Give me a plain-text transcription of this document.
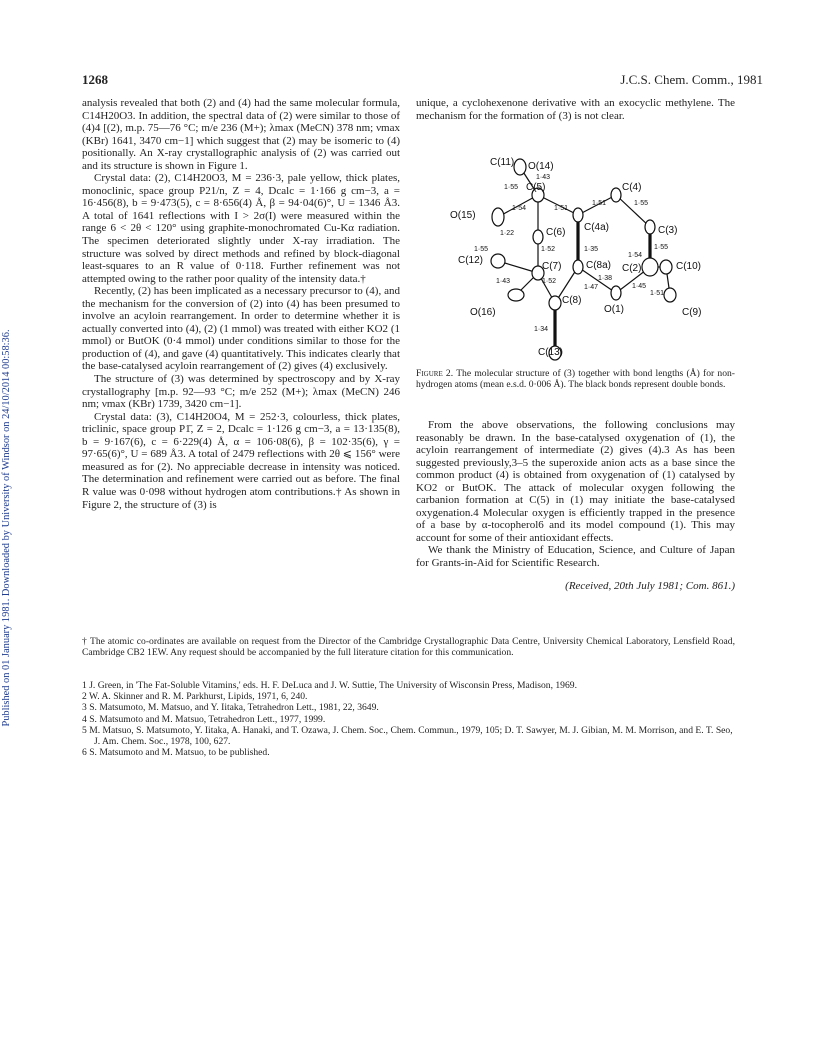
Published on 01 January 1981. Downloaded by University of Windsor on 24/10/2014 00:58:36.
1268	J.C.S. Chem. Comm., 1981

analysis revealed that both (2) and (4) had the same molecular formula, C14H20O3. In addition, the spectral data of (2) were similar to those of (4)4 [(2), m.p. 75—76 °C; m/e 236 (M+); λmax (MeCN) 378 nm; νmax (KBr) 1641, 3470 cm−1] which suggest that (2) may be isomeric to (4) positionally. An X-ray crystallographic analysis of (2) was carried out and its structure is shown in Figure 1.

Crystal data: (2), C14H20O3, M = 236·3, pale yellow, thick plates, monoclinic, space group P21/n, Z = 4, Dcalc = 1·166 g cm−3, a = 16·456(8), b = 9·473(5), c = 8·656(4) Å, β = 94·04(6)°, U = 1346 Å3. A total of 1641 reflections with I > 2σ(I) were measured within the range 6 < 2θ < 120° using graphite-monochromated Cu-Kα radiation. The specimen deteriorated slightly under X-ray irradiation. The structure was solved by direct methods and refined by block-diagonal least-squares to an R value of 0·118. Further refinement was not attempted owing to the rather poor quality of the intensity data.†

Recently, (2) has been implicated as a necessary precursor to (4), and the mechanism for the conversion of (2) into (4) has been presumed to involve an acyloin rearrangement. In order to determine whether it is actually converted into (4), (2) (1 mmol) was treated with either KO2 (1 mmol) or ButOK (0·4 mmol) under conditions similar to those for the production of (4), and gave (4) quantitatively. This indicates clearly that the base-catalysed acyloin rearrangement of (2) gives (4) exclusively.

The structure of (3) was determined by spectroscopy and by X-ray crystallography [m.p. 92—93 °C; m/e 252 (M+); λmax (MeCN) 246 nm; νmax (KBr) 1739, 3420 cm−1].

Crystal data: (3), C14H20O4, M = 252·3, colourless, thick plates, triclinic, space group P1̄, Z = 2, Dcalc = 1·126 g cm−3, a = 13·135(8), b = 9·167(6), c = 6·229(4) Å, α = 106·08(6), β = 102·35(6), γ = 97·65(6)°, U = 689 Å3. A total of 2479 reflections with 2θ ⩽ 156° were measured as for (2). No appreciable decrease in intensity was noticed. The determination and refinement were carried out as before. The final R value was 0·098 without hydrogen atom contributions.† As shown in Figure 2, the structure of (3) is

unique, a cyclohexenone derivative with an exocyclic methylene. The mechanism for the formation of (3) is not clear.

C(11) O(14)
C(5)	C(4)
O(15)
C(6)	C(3)
C(4a)
C(12)
C(7) C(8a) C(2)	C(10)
O(16)
C(8)
O(1)	C(9)
C(13)
1·55
1·43
1·54	1·51
1·51	1·55
1·22
1·52	1·35
1·55	1·55
1·54
1·38
1·43
1·47	1·45
1·52
1·51
1·34
Figure 2. The molecular structure of (3) together with bond lengths (Å) for non-hydrogen atoms (mean e.s.d. 0·006 Å). The black bonds represent double bonds.

From the above observations, the following conclusions may reasonably be drawn. In the base-catalysed oxygenation of (1), the acyloin rearrangement of intermediate (2) gives (4).3 As has been suggested previously,3–5 the superoxide anion acts as a base since the common product (4) is obtained from oxygenation of (1) catalysed by KO2 or ButOK. The attack of molecular oxygen following the carbanion formation at C(5) in (1) may initiate the base-catalysed oxygenation.4 Molecular oxygen is efficiently trapped in the presence of a base by α-tocopherol6 and its model compound (1). This may account for some of their antioxidant effects.

We thank the Ministry of Education, Science, and Culture of Japan for Grants-in-Aid for Scientific Research.

(Received, 20th July 1981; Com. 861.)

† The atomic co-ordinates are available on request from the Director of the Cambridge Crystallographic Data Centre, University Chemical Laboratory, Lensfield Road, Cambridge CB2 1EW. Any request should be accompanied by the full literature citation for this communication.
1 J. Green, in 'The Fat-Soluble Vitamins,' eds. H. F. DeLuca and J. W. Suttie, The University of Wisconsin Press, Madison, 1969.
2 W. A. Skinner and R. M. Parkhurst, Lipids, 1971, 6, 240.
3 S. Matsumoto, M. Matsuo, and Y. Iitaka, Tetrahedron Lett., 1981, 22, 3649.
4 S. Matsumoto and M. Matsuo, Tetrahedron Lett., 1977, 1999.
5 M. Matsuo, S. Matsumoto, Y. Iitaka, A. Hanaki, and T. Ozawa, J. Chem. Soc., Chem. Commun., 1979, 105; D. T. Sawyer, M. J. Gibian, M. M. Morrison, and E. T. Seo, J. Am. Chem. Soc., 1978, 100, 627.
6 S. Matsumoto and M. Matsuo, to be published.
